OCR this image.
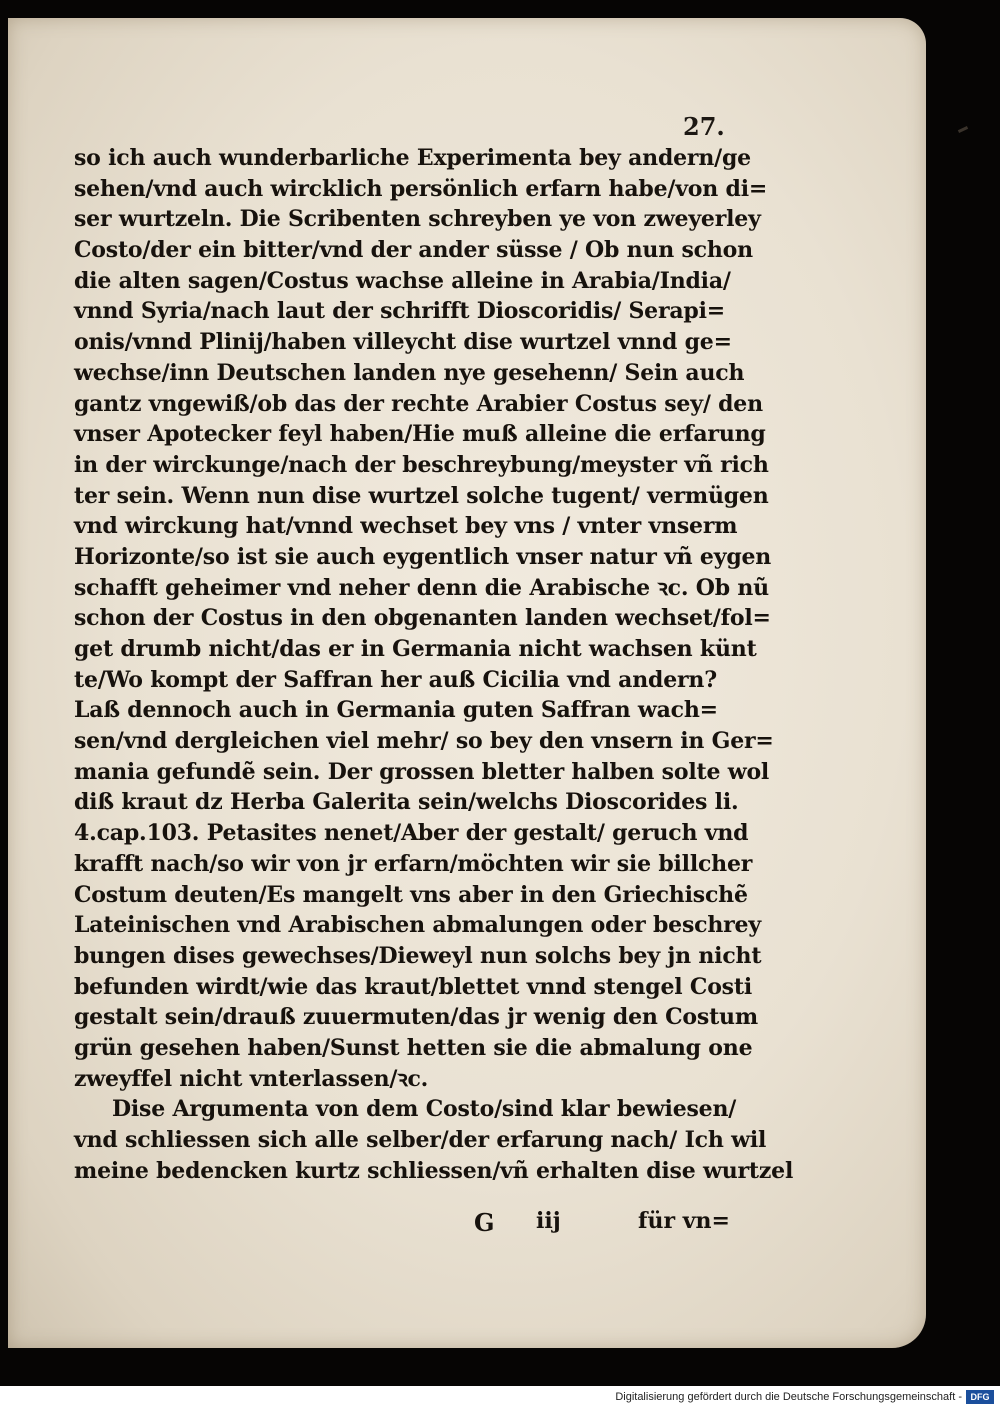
27.
so ich auch wunderbarliche Experimenta bey andern/ge
sehen/vnd auch wircklich persönlich erfarn habe/von di=
ser wurtzeln. Die Scribenten schreyben ye von zweyerley
Costo/der ein bitter/vnd der ander süsse / Ob nun schon
die alten sagen/Costus wachse alleine in Arabia/India/
vnnd Syria/nach laut der schrifft Dioscoridis/ Serapi=
onis/vnnd Plinij/haben villeycht dise wurtzel vnnd ge=
wechse/inn Deutschen landen nye gesehenn/ Sein auch
gantz vngewiß/ob das der rechte Arabier Costus sey/ den
vnser Apotecker feyl haben/Hie muß alleine die erfarung
in der wirckunge/nach der beschreybung/meyster vñ rich
ter sein. Wenn nun dise wurtzel solche tugent/ vermügen
vnd wirckung hat/vnnd wechset bey vns / vnter vnserm
Horizonte/so ist sie auch eygentlich vnser natur vñ eygen
schafft geheimer vnd neher denn die Arabische ꝛc. Ob nũ
schon der Costus in den obgenanten landen wechset/fol=
get drumb nicht/das er in Germania nicht wachsen künt
te/Wo kompt der Saffran her auß Cicilia vnd andern?
Laß dennoch auch in Germania guten Saffran wach=
sen/vnd dergleichen viel mehr/ so bey den vnsern in Ger=
mania gefundẽ sein. Der grossen bletter halben solte wol
diß kraut dz Herba Galerita sein/welchs Dioscorides li.
4.cap.103. Petasites nenet/Aber der gestalt/ geruch vnd
krafft nach/so wir von jr erfarn/möchten wir sie billcher
Costum deuten/Es mangelt vns aber in den Griechischẽ
Lateinischen vnd Arabischen abmalungen oder beschrey
bungen dises gewechses/Dieweyl nun solchs bey jn nicht
befunden wirdt/wie das kraut/blettet vnnd stengel Costi
gestalt sein/drauß zuuermuten/das jr wenig den Costum
grün gesehen haben/Sunst hetten sie die abmalung one
zweyffel nicht vnterlassen/ꝛc.
Dise Argumenta von dem Costo/sind klar bewiesen/
vnd schliessen sich alle selber/der erfarung nach/ Ich wil
meine bedencken kurtz schliessen/vñ erhalten dise wurtzel
G iij	für vn=
Digitalisierung gefördert durch die Deutsche Forschungsgemeinschaft - DFG
